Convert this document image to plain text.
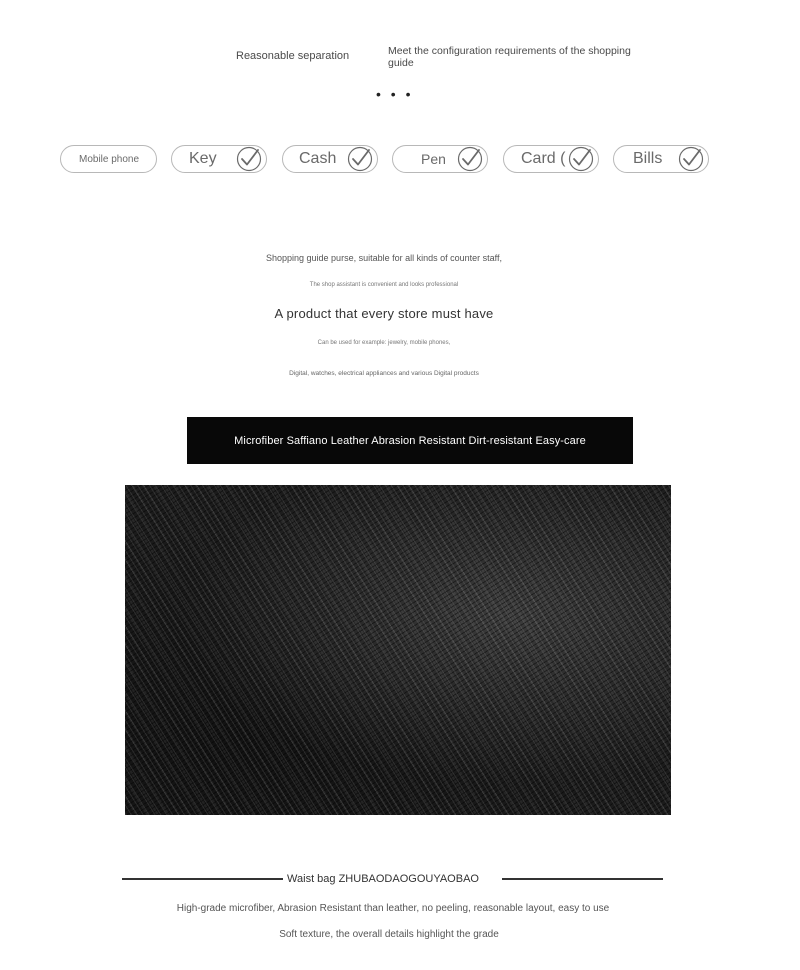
Reasonable separation	Meet the configuration requirements of the shopping guide
• • •
Mobile phone	Key	Cash	Pen	Card (	Bills
Shopping guide purse, suitable for all kinds of counter staff,
The shop assistant is convenient and looks professional
A product that every store must have
Can be used for example: jewelry, mobile phones,
Digital, watches, electrical appliances and various Digital products
Microfiber Saffiano Leather Abrasion Resistant Dirt-resistant Easy-care
Waist bag ZHUBAODAOGOUYAOBAO
High-grade microfiber, Abrasion Resistant than leather, no peeling, reasonable layout, easy to use
Soft texture, the overall details highlight the grade
